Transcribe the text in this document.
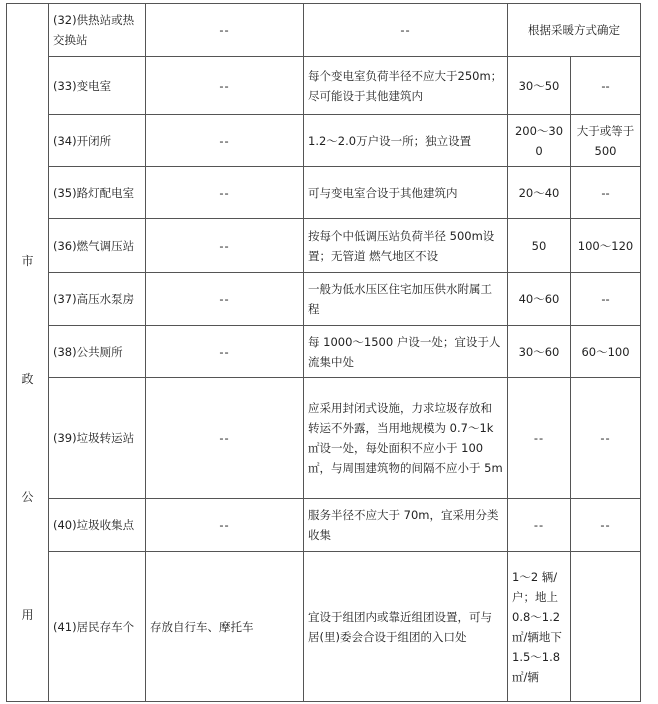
市
政
公
用	(32)供热站或热交换站	--	--	根据采暖方式确定	
	(33)变电室	--	每个变电室负荷半径不应大于250m；尽可能设于其他建筑内	30～50	--
	(34)开闭所	--	1.2～2.0万户设一所；独立设置	200～300	大于或等于500
	(35)路灯配电室	--	可与变电室合设于其他建筑内	20～40	--
	(36)燃气调压站	--	按每个中低调压站负荷半径 500m设置；无管道 燃气地区不设	50	100～120
	(37)高压水泵房	--	一般为低水压区住宅加压供水附属工程	40～60	--
	(38)公共厕所	--	每 1000～1500 户设一处；宜设于人流集中处	30～60	60～100
	(39)垃圾转运站	--	应采用封闭式设施，力求垃圾存放和转运不外露，当用地规模为 0.7～1k ㎡设一处，每处面积不应小于 100 ㎡，与周围建筑物的间隔不应小于 5m	--	--
	(40)垃圾收集点	--	服务半径不应大于 70m，宜采用分类收集	--	--
	(41)居民存车个	存放自行车、摩托车	宜设于组团内或靠近组团设置，可与居(里)委会合设于组团的入口处	1～2 辆/户；地上 0.8～1.2 ㎡/辆地下 1.5～1.8 ㎡/辆	
